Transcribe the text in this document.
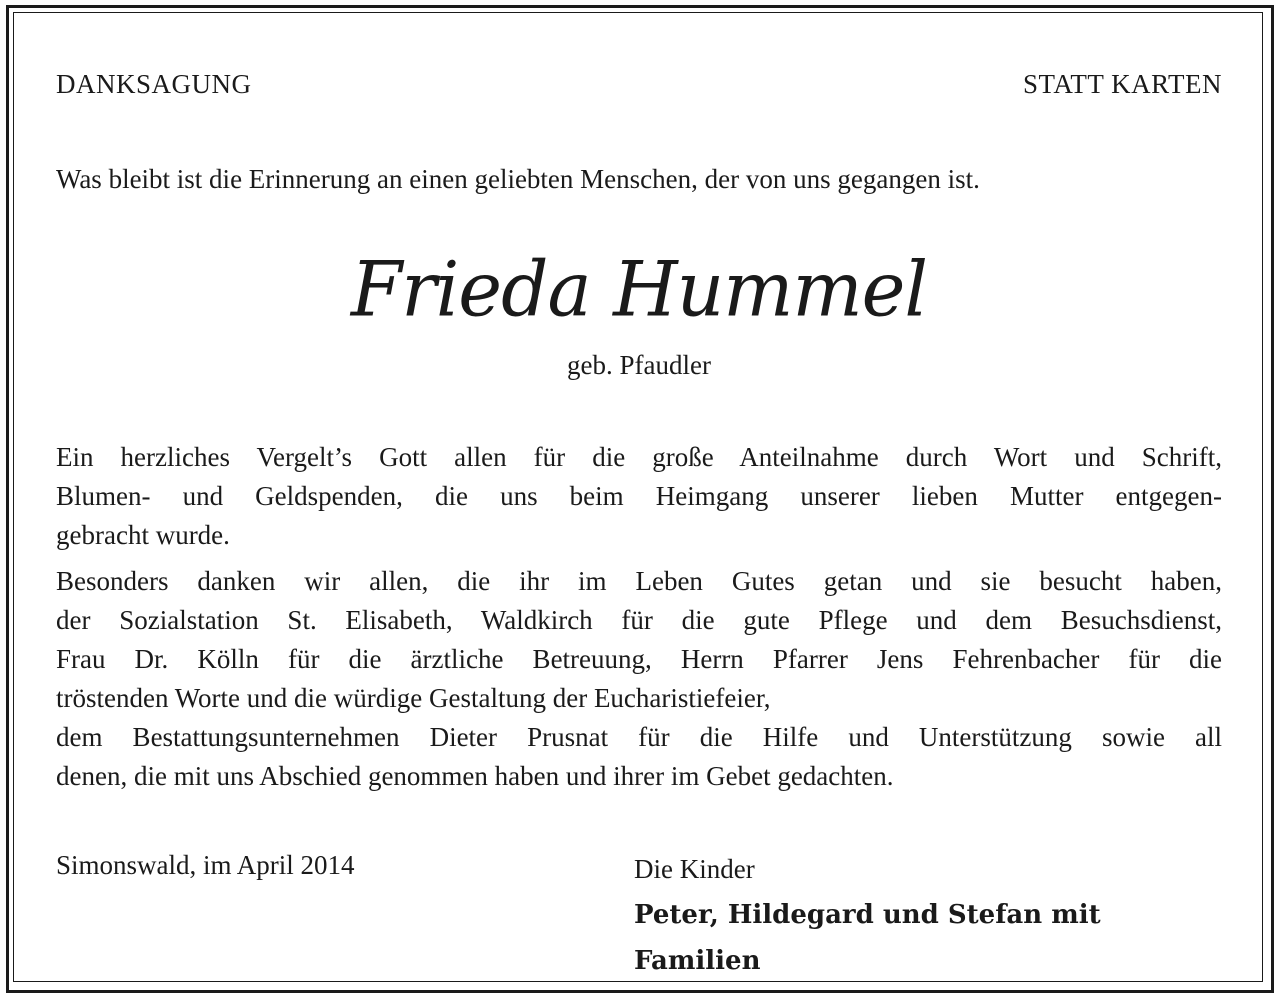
DANKSAGUNG	STATT KARTEN
Was bleibt ist die Erinnerung an einen geliebten Menschen, der von uns gegangen ist.
Frieda Hummel
geb. Pfaudler
Ein herzliches Vergelt’s Gott allen für die große Anteilnahme durch Wort und Schrift,
Blumen- und Geldspenden, die uns beim Heimgang unserer lieben Mutter entgegen-
gebracht wurde.
Besonders danken wir allen, die ihr im Leben Gutes getan und sie besucht haben,
der Sozialstation St. Elisabeth, Waldkirch für die gute Pflege und dem Besuchsdienst,
Frau Dr. Kölln für die ärztliche Betreuung, Herrn Pfarrer Jens Fehrenbacher für die
tröstenden Worte und die würdige Gestaltung der Eucharistiefeier,
dem Bestattungsunternehmen Dieter Prusnat für die Hilfe und Unterstützung sowie all
denen, die mit uns Abschied genommen haben und ihrer im Gebet gedachten.
Simonswald, im April 2014	Die Kinder
Peter, Hildegard und Stefan mit Familien
